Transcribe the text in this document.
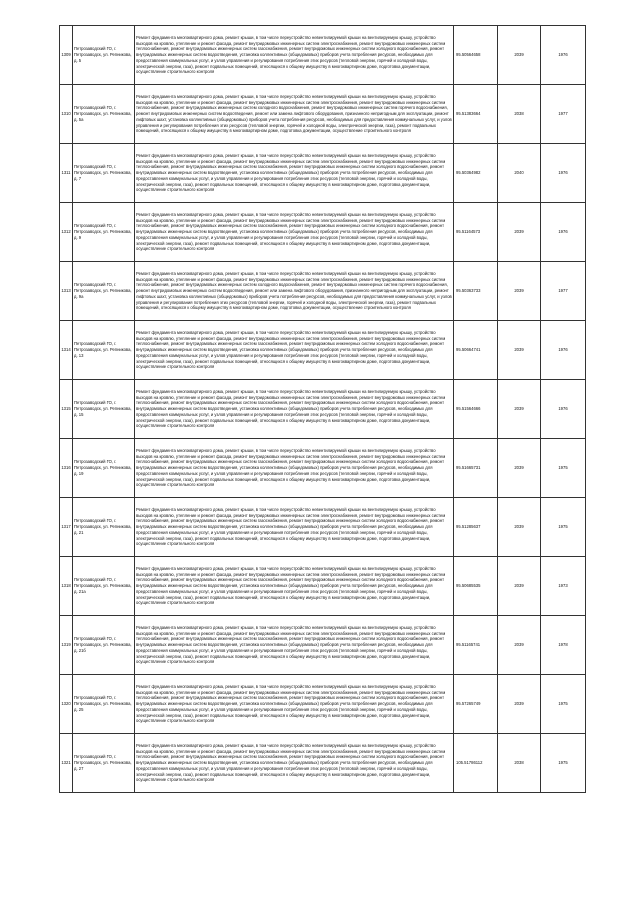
1309	Петрозаводский ГО, г. Петрозаводск, ул. Репникова, д. 5	Ремонт фундамента многоквартирного дома, ремонт крыши, в том числе переустройство невентилируемой крыши на вентилируемую крышу, устройство выходов на кровлю, утепление и ремонт фасада, ремонт внутридомовых инженерных систем электроснабжения, ремонт внутридомовых инженерных систем теплоснабжения, ремонт внутридомовых инженерных систем газоснабжения, ремонт внутридомовых инженерных систем холодного водоснабжения, ремонт внутридомовых инженерных систем водоотведения, установка коллективных (общедомовых) приборов учета потребления ресурсов, необходимых для предоставления коммунальных услуг, и узлов управления и регулирования потребления этих ресурсов (тепловой энергии, горячей и холодной воды, электрической энергии, газа), ремонт подвальных помещений, относящихся к общему имуществу в многоквартирном доме, подготовка документации, осуществление строительного контроля	95.50564658	2039	1976
1310	Петрозаводский ГО, г. Петрозаводск, ул. Репникова, д. 5а	Ремонт фундамента многоквартирного дома, ремонт крыши, в том числе переустройство невентилируемой крыши на вентилируемую крышу, устройство выходов на кровлю, утепление и ремонт фасада, ремонт внутридомовых инженерных систем электроснабжения, ремонт внутридомовых инженерных систем теплоснабжения, ремонт внутридомовых инженерных систем холодного водоснабжения, ремонт внутридомовых инженерных систем горячего водоснабжения, ремонт внутридомовых инженерных систем водоотведения, ремонт или замена лифтового оборудования, признанного непригодным для эксплуатации, ремонт лифтовых шахт, установка коллективных (общедомовых) приборов учета потребления ресурсов, необходимых для предоставления коммунальных услуг, и узлов управления и регулирования потребления этих ресурсов (тепловой энергии, горячей и холодной воды, электрической энергии, газа), ремонт подвальных помещений, относящихся к общему имуществу в многоквартирном доме, подготовка документации, осуществление строительного контроля	95.51383664	2038	1977
1311	Петрозаводский ГО, г. Петрозаводск, ул. Репникова, д. 7	Ремонт фундамента многоквартирного дома, ремонт крыши, в том числе переустройство невентилируемой крыши на вентилируемую крышу, устройство выходов на кровлю, утепление и ремонт фасада, ремонт внутридомовых инженерных систем электроснабжения, ремонт внутридомовых инженерных систем теплоснабжения, ремонт внутридомовых инженерных систем газоснабжения, ремонт внутридомовых инженерных систем холодного водоснабжения, ремонт внутридомовых инженерных систем водоотведения, установка коллективных (общедомовых) приборов учета потребления ресурсов, необходимых для предоставления коммунальных услуг, и узлов управления и регулирования потребления этих ресурсов (тепловой энергии, горячей и холодной воды, электрической энергии, газа), ремонт подвальных помещений, относящихся к общему имуществу в многоквартирном доме, подготовка документации, осуществление строительного контроля	95.50364982	2040	1976
1312	Петрозаводский ГО, г. Петрозаводск, ул. Репникова, д. 9	Ремонт фундамента многоквартирного дома, ремонт крыши, в том числе переустройство невентилируемой крыши на вентилируемую крышу, устройство выходов на кровлю, утепление и ремонт фасада, ремонт внутридомовых инженерных систем электроснабжения, ремонт внутридомовых инженерных систем теплоснабжения, ремонт внутридомовых инженерных систем газоснабжения, ремонт внутридомовых инженерных систем холодного водоснабжения, ремонт внутридомовых инженерных систем водоотведения, установка коллективных (общедомовых) приборов учета потребления ресурсов, необходимых для предоставления коммунальных услуг, и узлов управления и регулирования потребления этих ресурсов (тепловой энергии, горячей и холодной воды, электрической энергии, газа), ремонт подвальных помещений, относящихся к общему имуществу в многоквартирном доме, подготовка документации, осуществление строительного контроля	95.51164573	2039	1976
1313	Петрозаводский ГО, г. Петрозаводск, ул. Репникова, д. 9а	Ремонт фундамента многоквартирного дома, ремонт крыши, в том числе переустройство невентилируемой крыши на вентилируемую крышу, устройство выходов на кровлю, утепление и ремонт фасада, ремонт внутридомовых инженерных систем электроснабжения, ремонт внутридомовых инженерных систем теплоснабжения, ремонт внутридомовых инженерных систем холодного водоснабжения, ремонт внутридомовых инженерных систем горячего водоснабжения, ремонт внутридомовых инженерных систем водоотведения, ремонт или замена лифтового оборудования, признанного непригодным для эксплуатации, ремонт лифтовых шахт, установка коллективных (общедомовых) приборов учета потребления ресурсов, необходимых для предоставления коммунальных услуг, и узлов управления и регулирования потребления этих ресурсов (тепловой энергии, горячей и холодной воды, электрической энергии, газа), ремонт подвальных помещений, относящихся к общему имуществу в многоквартирном доме, подготовка документации, осуществление строительного контроля	95.50363733	2039	1977
1314	Петрозаводский ГО, г. Петрозаводск, ул. Репникова, д. 13	Ремонт фундамента многоквартирного дома, ремонт крыши, в том числе переустройство невентилируемой крыши на вентилируемую крышу, устройство выходов на кровлю, утепление и ремонт фасада, ремонт внутридомовых инженерных систем электроснабжения, ремонт внутридомовых инженерных систем теплоснабжения, ремонт внутридомовых инженерных систем газоснабжения, ремонт внутридомовых инженерных систем холодного водоснабжения, ремонт внутридомовых инженерных систем водоотведения, установка коллективных (общедомовых) приборов учета потребления ресурсов, необходимых для предоставления коммунальных услуг, и узлов управления и регулирования потребления этих ресурсов (тепловой энергии, горячей и холодной воды, электрической энергии, газа), ремонт подвальных помещений, относящихся к общему имуществу в многоквартирном доме, подготовка документации, осуществление строительного контроля	95.50664741	2039	1976
1315	Петрозаводский ГО, г. Петрозаводск, ул. Репникова, д. 15	Ремонт фундамента многоквартирного дома, ремонт крыши, в том числе переустройство невентилируемой крыши на вентилируемую крышу, устройство выходов на кровлю, утепление и ремонт фасада, ремонт внутридомовых инженерных систем электроснабжения, ремонт внутридомовых инженерных систем теплоснабжения, ремонт внутридомовых инженерных систем газоснабжения, ремонт внутридомовых инженерных систем холодного водоснабжения, ремонт внутридомовых инженерных систем водоотведения, установка коллективных (общедомовых) приборов учета потребления ресурсов, необходимых для предоставления коммунальных услуг, и узлов управления и регулирования потребления этих ресурсов (тепловой энергии, горячей и холодной воды, электрической энергии, газа), ремонт подвальных помещений, относящихся к общему имуществу в многоквартирном доме, подготовка документации, осуществление строительного контроля	95.51564666	2039	1976
1316	Петрозаводский ГО, г. Петрозаводск, ул. Репникова, д. 19	Ремонт фундамента многоквартирного дома, ремонт крыши, в том числе переустройство невентилируемой крыши на вентилируемую крышу, устройство выходов на кровлю, утепление и ремонт фасада, ремонт внутридомовых инженерных систем электроснабжения, ремонт внутридомовых инженерных систем теплоснабжения, ремонт внутридомовых инженерных систем газоснабжения, ремонт внутридомовых инженерных систем холодного водоснабжения, ремонт внутридомовых инженерных систем водоотведения, установка коллективных (общедомовых) приборов учета потребления ресурсов, необходимых для предоставления коммунальных услуг, и узлов управления и регулирования потребления этих ресурсов (тепловой энергии, горячей и холодной воды, электрической энергии, газа), ремонт подвальных помещений, относящихся к общему имуществу в многоквартирном доме, подготовка документации, осуществление строительного контроля	95.51665731	2039	1975
1317	Петрозаводский ГО, г. Петрозаводск, ул. Репникова, д. 21	Ремонт фундамента многоквартирного дома, ремонт крыши, в том числе переустройство невентилируемой крыши на вентилируемую крышу, устройство выходов на кровлю, утепление и ремонт фасада, ремонт внутридомовых инженерных систем электроснабжения, ремонт внутридомовых инженерных систем теплоснабжения, ремонт внутридомовых инженерных систем газоснабжения, ремонт внутридомовых инженерных систем холодного водоснабжения, ремонт внутридомовых инженерных систем водоотведения, установка коллективных (общедомовых) приборов учета потребления ресурсов, необходимых для предоставления коммунальных услуг, и узлов управления и регулирования потребления этих ресурсов (тепловой энергии, горячей и холодной воды, электрической энергии, газа), ремонт подвальных помещений, относящихся к общему имуществу в многоквартирном доме, подготовка документации, осуществление строительного контроля	95.51285637	2039	1975
1318	Петрозаводский ГО, г. Петрозаводск, ул. Репникова, д. 21а	Ремонт фундамента многоквартирного дома, ремонт крыши, в том числе переустройство невентилируемой крыши на вентилируемую крышу, устройство выходов на кровлю, утепление и ремонт фасада, ремонт внутридомовых инженерных систем электроснабжения, ремонт внутридомовых инженерных систем теплоснабжения, ремонт внутридомовых инженерных систем газоснабжения, ремонт внутридомовых инженерных систем холодного водоснабжения, ремонт внутридомовых инженерных систем водоотведения, установка коллективных (общедомовых) приборов учета потребления ресурсов, необходимых для предоставления коммунальных услуг, и узлов управления и регулирования потребления этих ресурсов (тепловой энергии, горячей и холодной воды, электрической энергии, газа), ремонт подвальных помещений, относящихся к общему имуществу в многоквартирном доме, подготовка документации, осуществление строительного контроля	95.50685535	2039	1973
1319	Петрозаводский ГО, г. Петрозаводск, ул. Репникова, д. 21б	Ремонт фундамента многоквартирного дома, ремонт крыши, в том числе переустройство невентилируемой крыши на вентилируемую крышу, устройство выходов на кровлю, утепление и ремонт фасада, ремонт внутридомовых инженерных систем электроснабжения, ремонт внутридомовых инженерных систем теплоснабжения, ремонт внутридомовых инженерных систем газоснабжения, ремонт внутридомовых инженерных систем холодного водоснабжения, ремонт внутридомовых инженерных систем водоотведения, установка коллективных (общедомовых) приборов учета потребления ресурсов, необходимых для предоставления коммунальных услуг, и узлов управления и регулирования потребления этих ресурсов (тепловой энергии, горячей и холодной воды, электрической энергии, газа), ремонт подвальных помещений, относящихся к общему имуществу в многоквартирном доме, подготовка документации, осуществление строительного контроля	95.51165741	2039	1978
1320	Петрозаводский ГО, г. Петрозаводск, ул. Репникова, д. 25	Ремонт фундамента многоквартирного дома, ремонт крыши, в том числе переустройство невентилируемой крыши на вентилируемую крышу, устройство выходов на кровлю, утепление и ремонт фасада, ремонт внутридомовых инженерных систем электроснабжения, ремонт внутридомовых инженерных систем теплоснабжения, ремонт внутридомовых инженерных систем газоснабжения, ремонт внутридомовых инженерных систем холодного водоснабжения, ремонт внутридомовых инженерных систем водоотведения, установка коллективных (общедомовых) приборов учета потребления ресурсов, необходимых для предоставления коммунальных услуг, и узлов управления и регулирования потребления этих ресурсов (тепловой энергии, горячей и холодной воды, электрической энергии, газа), ремонт подвальных помещений, относящихся к общему имуществу в многоквартирном доме, подготовка документации, осуществление строительного контроля	95.57265749	2039	1975
1321	Петрозаводский ГО, г. Петрозаводск, ул. Репникова, д. 27	Ремонт фундамента многоквартирного дома, ремонт крыши, в том числе переустройство невентилируемой крыши на вентилируемую крышу, устройство выходов на кровлю, утепление и ремонт фасада, ремонт внутридомовых инженерных систем электроснабжения, ремонт внутридомовых инженерных систем теплоснабжения, ремонт внутридомовых инженерных систем газоснабжения, ремонт внутридомовых инженерных систем холодного водоснабжения, ремонт внутридомовых инженерных систем водоотведения, установка коллективных (общедомовых) приборов учета потребления ресурсов, необходимых для предоставления коммунальных услуг, и узлов управления и регулирования потребления этих ресурсов (тепловой энергии, горячей и холодной воды, электрической энергии, газа), ремонт подвальных помещений, относящихся к общему имуществу в многоквартирном доме, подготовка документации, осуществление строительного контроля	105.51786112	2038	1975
